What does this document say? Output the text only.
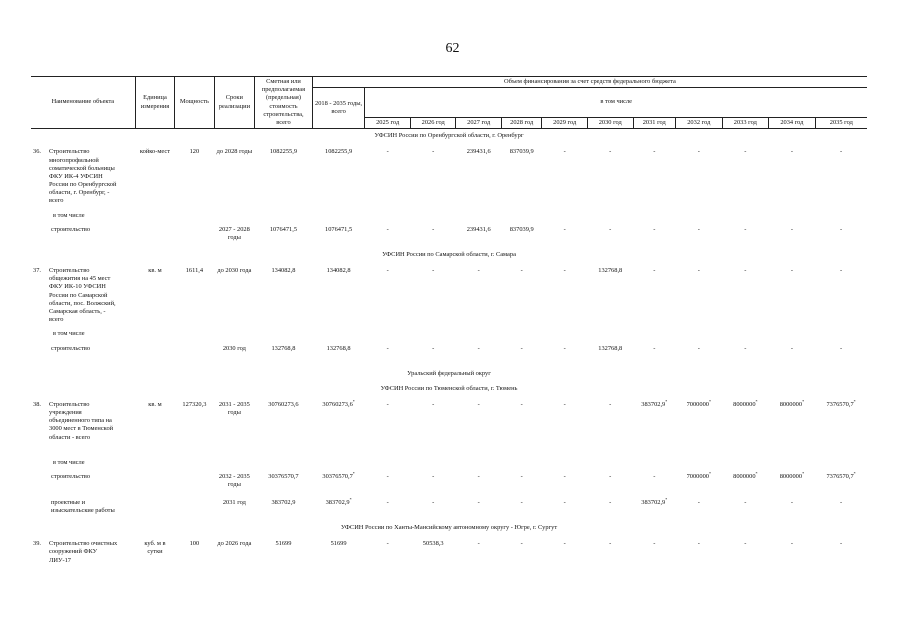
62
Наименование объекта	Единица измерения	Мощность	Сроки реализации	Сметная или предполагаемая (предельная) стоимость строительства, всего	Объем финансирования за счет средств федерального бюджета											
					2018 - 2035 годы, всего	в том числе										
						2025 год	2026 год	2027 год	2028 год	2029 год	2030 год	2031 год	2032 год	2033 год	2034 год	2035 год
УФСИН России по Оренбургской области, г. Оренбург																

36. Строительство многопрофильной соматической больницы ФКУ ИК-4 УФСИН России по Оренбургской области, г. Оренбург, - всего	койко-мест	120	до 2028 годы	1082255,9	1082255,9	-	-	239431,6	837039,9	-	-	-	-	-	-	-
в том числе																

строительство			2027 - 2028 годы	1076471,5	1076471,5	-	-	239431,6	837039,9	-	-	-	-	-	-	-
УФСИН России по Самарской области, г. Самара																

37. Строительство общежития на 45 мест ФКУ ИК-10 УФСИН России по Самарской области, пос. Волжский, Самарская область, - всего	кв. м	1611,4	до 2030 года	134082,8	134082,8	-	-	-	-	-	132768,8	-	-	-	-	-
в том числе																

строительство			2030 год	132768,8	132768,8	-	-	-	-	-	132768,8	-	-	-	-	-
Уральский федеральный округ																
УФСИН России по Тюменской области, г. Тюмень																

38. Строительство учреждения объединенного типа на 3000 мест в Тюменской области - всего	кв. м	127320,3	2031 - 2035 годы	30760273,6	30760273,6*	-	-	-	-	-	-	383702,9*	7000000*	8000000*	8000000*	7376570,7*
в том числе																

строительство			2032 - 2035 годы	30376570,7	30376570,7*	-	-	-	-	-	-	-	7000000*	8000000*	8000000*	7376570,7*

проектные и изыскательские работы			2031 год	383702,9	383702,9*	-	-	-	-	-	-	383702,9*	-	-	-	-
УФСИН России по Ханты-Мансийскому автономному округу - Югре, г. Сургут																

39. Строительство очистных сооружений ФКУ ЛИУ-17	куб. м в сутки	100	до 2026 года	51699	51699	-	50538,3	-	-	-	-	-	-	-	-	-
